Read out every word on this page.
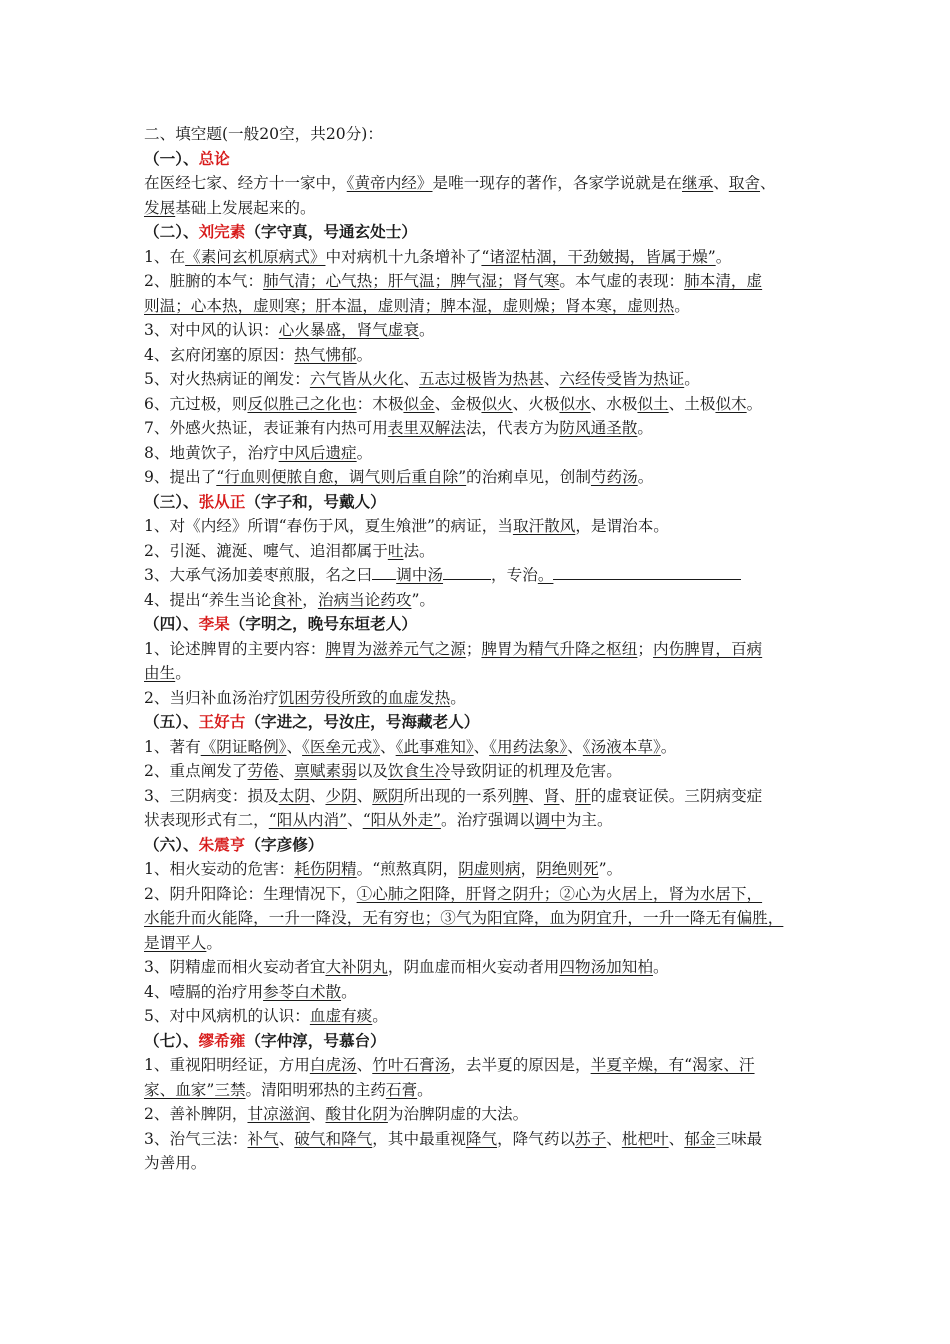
二、填空题(一般20空，共20分)：
（一）、总论
在医经七家、经方十一家中，《黄帝内经》是唯一现存的著作，各家学说就是在继承、取舍、
发展基础上发展起来的。
（二）、刘完素（字守真，号通玄处士）
1、在《素问玄机原病式》中对病机十九条增补了“诸涩枯涸，干劲皴揭，皆属于燥”。
2、脏腑的本气：肺气清；心气热；肝气温；脾气湿；肾气寒。本气虚的表现：肺本清，虚
则温；心本热，虚则寒；肝本温，虚则清；脾本湿，虚则燥；肾本寒，虚则热。
3、对中风的认识：心火暴盛，肾气虚衰。
4、玄府闭塞的原因：热气怫郁。
5、对火热病证的阐发：六气皆从火化、五志过极皆为热甚、六经传受皆为热证。
6、亢过极，则反似胜己之化也：木极似金、金极似火、火极似水、水极似土、土极似木。
7、外感火热证，表证兼有内热可用表里双解法法，代表方为防风通圣散。
8、地黄饮子，治疗中风后遗症。
9、提出了“行血则便脓自愈，调气则后重自除”的治痢卓见，创制芍药汤。
（三）、张从正（字子和，号戴人）
1、对《内经》所谓“春伤于风，夏生飧泄”的病证，当取汗散风，是谓治本。
2、引涎、漉涎、嚏气、追泪都属于吐法。
3、大承气汤加姜枣煎服，名之曰 调中汤	，专治。
4、提出“养生当论食补，治病当论药攻”。
（四）、李杲（字明之，晚号东垣老人）
1、论述脾胃的主要内容：脾胃为滋养元气之源；脾胃为精气升降之枢纽；内伤脾胃，百病
由生。
2、当归补血汤治疗饥困劳役所致的血虚发热。
（五）、王好古（字进之，号汝庄，号海藏老人）
1、著有《阴证略例》、《医垒元戎》、《此事难知》、《用药法象》、《汤液本草》。
2、重点阐发了劳倦、禀赋素弱以及饮食生冷导致阴证的机理及危害。
3、三阴病变：损及太阴、少阴、厥阴所出现的一系列脾、肾、肝的虚衰证侯。三阴病变症
状表现形式有二，“阳从内消”、“阳从外走”。治疗强调以调中为主。
（六）、朱震亨（字彦修）
1、相火妄动的危害：耗伤阴精。“煎熬真阴，阴虚则病，阴绝则死”。
2、阴升阳降论：生理情况下，①心肺之阳降，肝肾之阴升；②心为火居上，肾为水居下，
水能升而火能降，一升一降没，无有穷也；③气为阳宜降，血为阴宜升，一升一降无有偏胜，
是谓平人。
3、阴精虚而相火妄动者宜大补阴丸，阴血虚而相火妄动者用四物汤加知柏。
4、噎膈的治疗用参苓白术散。
5、对中风病机的认识：血虚有痰。
（七）、缪希雍（字仲淳，号慕台）
1、重视阳明经证，方用白虎汤、竹叶石膏汤，去半夏的原因是，半夏辛燥，有“渴家、汗
家、血家”三禁。清阳明邪热的主药石膏。
2、善补脾阴，甘凉滋润、酸甘化阴为治脾阴虚的大法。
3、治气三法：补气、破气和降气，其中最重视降气，降气药以苏子、枇杷叶、郁金三味最
为善用。
